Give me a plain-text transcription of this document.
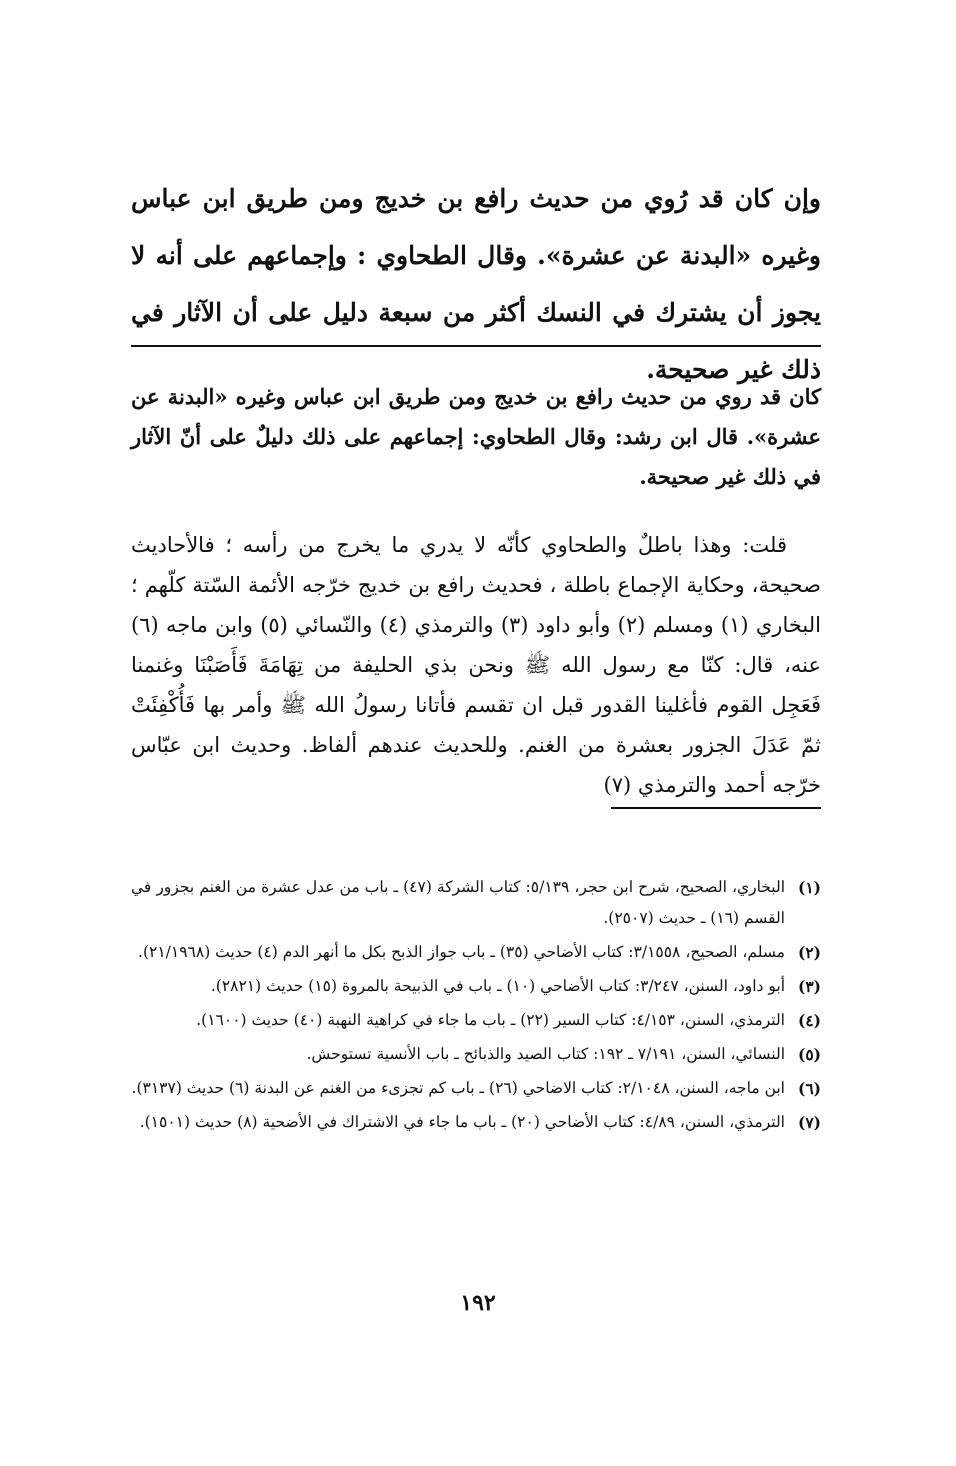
وإن كان قد رُوي من حديث رافع بن خديج ومن طريق ابن عباس وغيره «البدنة عن عشرة». وقال الطحاوي : وإجماعهم على أنه لا يجوز أن يشترك في النسك أكثر من سبعة دليل على أن الآثار في ذلك غير صحيحة.

كان قد روي من حديث رافع بن خديج ومن طريق ابن عباس وغيره «البدنة عن عشرة». قال ابن رشد: وقال الطحاوي: إجماعهم على ذلك دليلٌ على أنّ الآثار في ذلك غير صحيحة.

قلت: وهذا باطلٌ والطحاوي كأنّه لا يدري ما يخرج من رأسه ؛ فالأحاديث صحيحة، وحكاية الإجماع باطلة ، فحديث رافع بن خديج خرّجه الأئمة السّتة كلّهم ؛ البخاري (١) ومسلم (٢) وأبو داود (٣) والترمذي (٤) والنّسائي (٥) وابن ماجه (٦) عنه، قال: كنّا مع رسول الله ﷺ ونحن بذي الحليفة من تِهَامَةَ فَأَصَبْنَا وغنمنا فَعَجِل القوم فأغلينا القدور قبل ان تقسم فأتانا رسولُ الله ﷺ وأمر بها فَأُكْفِئَتْ ثمّ عَدَلَ الجزور بعشرة من الغنم. وللحديث عندهم ألفاظ. وحديث ابن عبّاس خرّجه أحمد والترمذي (٧)

(١)
البخاري، الصحيح، شرح ابن حجر، ٥/١٣٩: كتاب الشركة (٤٧) ـ باب من عدل عشرة من الغنم بجزور في القسم (١٦) ـ حديث (٢٥٠٧).
(٢)
مسلم، الصحيح، ٣/١٥٥٨: كتاب الأضاحي (٣٥) ـ باب جواز الذبح بكل ما أنهر الدم (٤) حديث (٢١/١٩٦٨).
(٣)
أبو داود، السنن، ٣/٢٤٧: كتاب الأضاحي (١٠) ـ باب في الذبيحة بالمروة (١٥) حديث (٢٨٢١).
(٤)
الترمذي، السنن، ٤/١٥٣: كتاب السير (٢٢) ـ باب ما جاء في كراهية النهبة (٤٠) حديث (١٦٠٠).
(٥)
النسائي، السنن، ٧/١٩١ ـ ١٩٢: كتاب الصيد والذبائح ـ باب الأنسية تستوحش.
(٦)
ابن ماجه، السنن، ٢/١٠٤٨: كتاب الاضاحي (٢٦) ـ باب كم تجزىء من الغنم عن البدنة (٦) حديث (٣١٣٧).
(٧)
الترمذي، السنن، ٤/٨٩: كتاب الأضاحي (٢٠) ـ باب ما جاء في الاشتراك في الأضحية (٨) حديث (١٥٠١).
١٩٢
